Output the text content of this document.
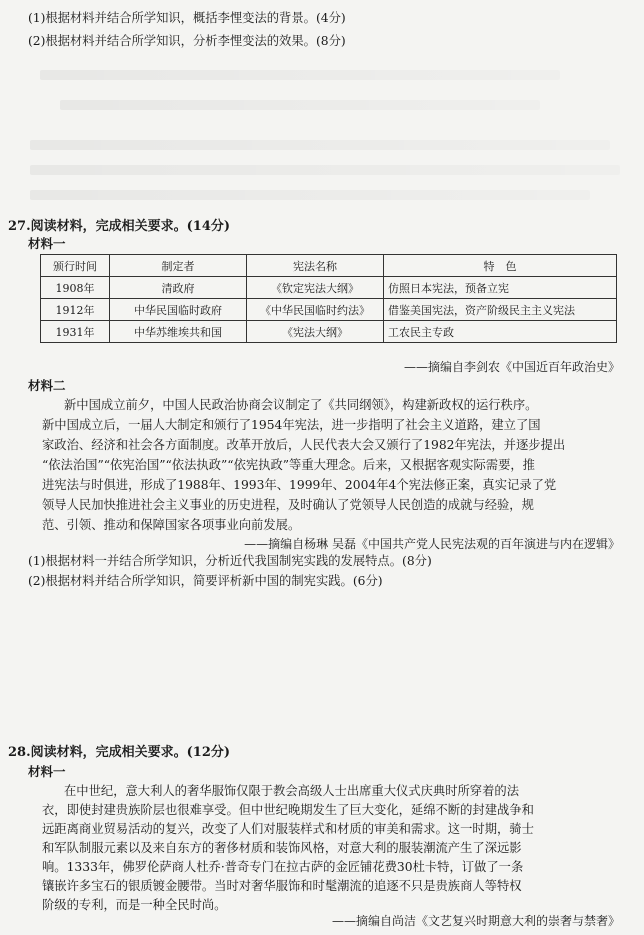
(1)根据材料并结合所学知识，概括李悝变法的背景。(4分)
(2)根据材料并结合所学知识，分析李悝变法的效果。(8分)
27.阅读材料，完成相关要求。(14分)
材料一
颁行时间	制定者	宪法名称	特　色
1908年	清政府	《钦定宪法大纲》	仿照日本宪法，预备立宪
1912年	中华民国临时政府	《中华民国临时约法》	借鉴美国宪法，资产阶级民主主义宪法
1931年	中华苏维埃共和国	《宪法大纲》	工农民主专政
——摘编自李剑农《中国近百年政治史》
材料二
新中国成立前夕，中国人民政治协商会议制定了《共同纲领》，构建新政权的运行秩序。
新中国成立后，一届人大制定和颁行了1954年宪法，进一步指明了社会主义道路，建立了国
家政治、经济和社会各方面制度。改革开放后，人民代表大会又颁行了1982年宪法，并逐步提出
“依法治国”“依宪治国”“依法执政”“依宪执政”等重大理念。后来，又根据客观实际需要，推
进宪法与时俱进，形成了1988年、1993年、1999年、2004年4个宪法修正案，真实记录了党
领导人民加快推进社会主义事业的历史进程，及时确认了党领导人民创造的成就与经验，规
范、引领、推动和保障国家各项事业向前发展。
——摘编自杨琳 吴磊《中国共产党人民宪法观的百年演进与内在逻辑》
(1)根据材料一并结合所学知识，分析近代我国制宪实践的发展特点。(8分)
(2)根据材料并结合所学知识，简要评析新中国的制宪实践。(6分)
28.阅读材料，完成相关要求。(12分)
材料一
在中世纪，意大利人的奢华服饰仅限于教会高级人士出席重大仪式庆典时所穿着的法
衣，即使封建贵族阶层也很难享受。但中世纪晚期发生了巨大变化，延绵不断的封建战争和
远距离商业贸易活动的复兴，改变了人们对服装样式和材质的审美和需求。这一时期，骑士
和军队制服元素以及来自东方的奢侈材质和装饰风格，对意大利的服装潮流产生了深远影
响。1333年，佛罗伦萨商人杜乔·普奇专门在拉古萨的金匠铺花费30杜卡特，订做了一条
镶嵌许多宝石的银质镀金腰带。当时对奢华服饰和时髦潮流的追逐不只是贵族商人等特权
阶级的专利，而是一种全民时尚。
——摘编自尚洁《文艺复兴时期意大利的崇奢与禁奢》
